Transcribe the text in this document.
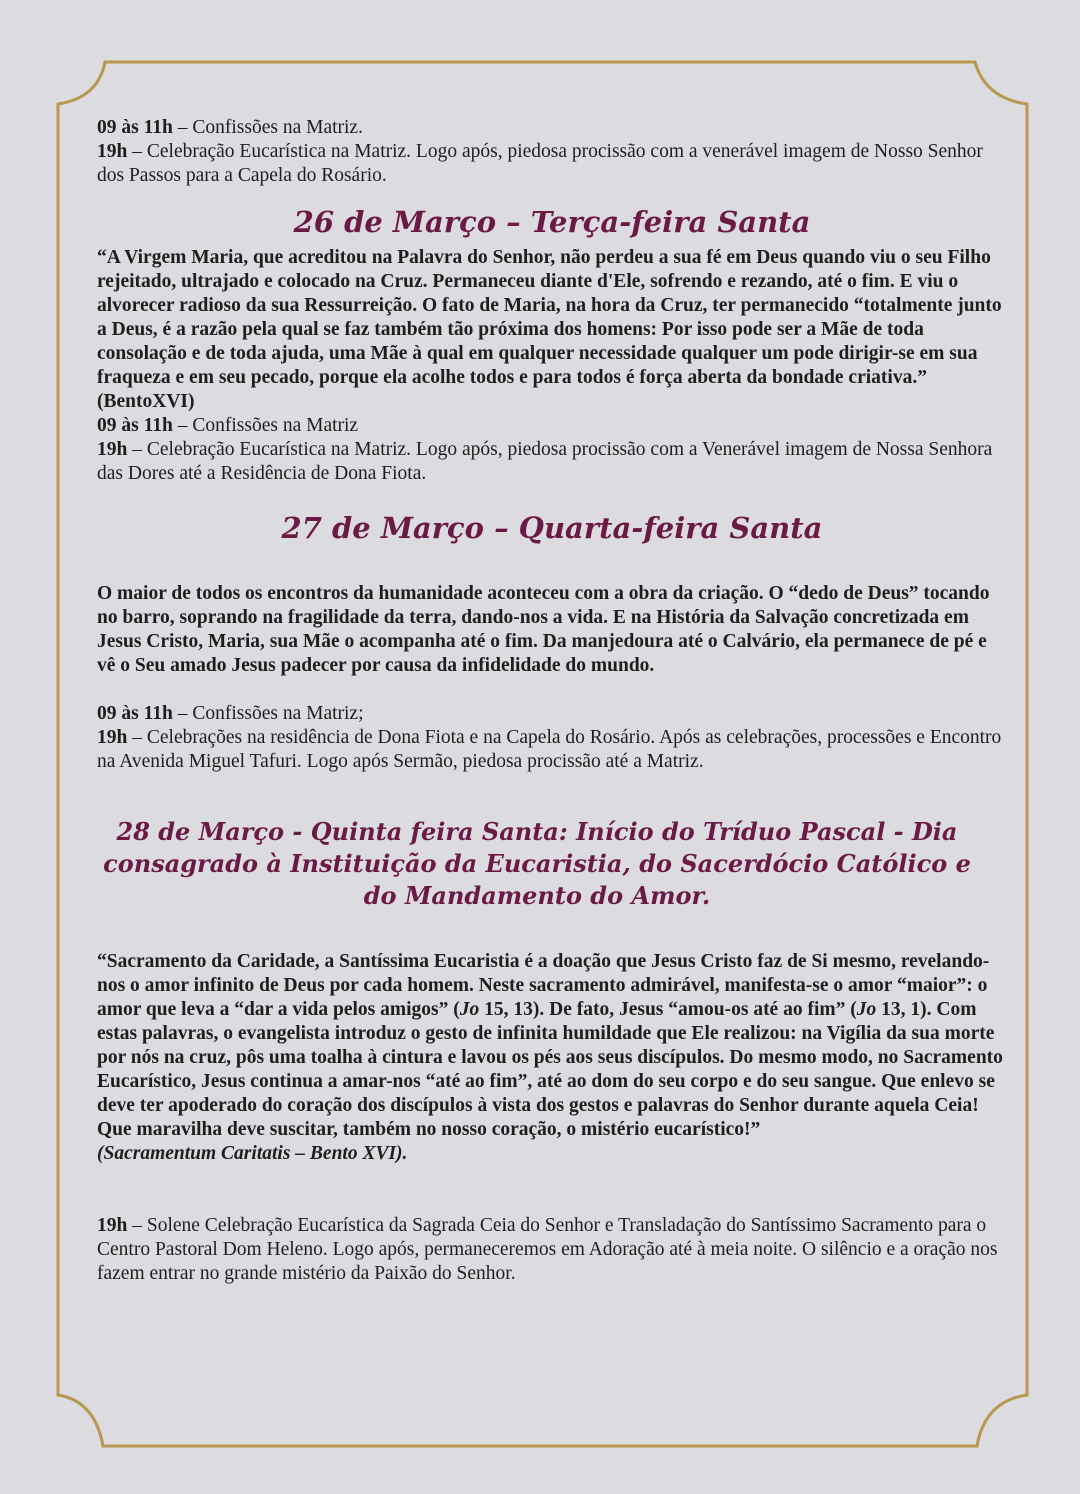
09 às 11h – Confissões na Matriz.

19h – Celebração Eucarística na Matriz. Logo após, piedosa procissão com a venerável imagem de Nosso Senhor dos Passos para a Capela do Rosário.

26 de Março – Terça-feira Santa

“A Virgem Maria, que acreditou na Palavra do Senhor, não perdeu a sua fé em Deus quando viu o seu Filho rejeitado, ultrajado e colocado na Cruz. Permaneceu diante d'Ele, sofrendo e rezando, até o fim. E viu o alvorecer radioso da sua Ressurreição. O fato de Maria, na hora da Cruz, ter permanecido “totalmente junto a Deus, é a razão pela qual se faz também tão próxima dos homens: Por isso pode ser a Mãe de toda consolação e de toda ajuda, uma Mãe à qual em qualquer necessidade qualquer um pode dirigir-se em sua fraqueza e em seu pecado, porque ela acolhe todos e para todos é força aberta da bondade criativa.” (BentoXVI)

09 às 11h – Confissões na Matriz

19h – Celebração Eucarística na Matriz. Logo após, piedosa procissão com a Venerável imagem de Nossa Senhora das Dores até a Residência de Dona Fiota.

27 de Março – Quarta-feira Santa

O maior de todos os encontros da humanidade aconteceu com a obra da criação. O “dedo de Deus” tocando no barro, soprando na fragilidade da terra, dando-nos a vida. E na História da Salvação concretizada em Jesus Cristo, Maria, sua Mãe o acompanha até o fim. Da manjedoura até o Calvário, ela permanece de pé e vê o Seu amado Jesus padecer por causa da infidelidade do mundo.

09 às 11h – Confissões na Matriz;

19h – Celebrações na residência de Dona Fiota e na Capela do Rosário. Após as celebrações, processões e Encontro na Avenida Miguel Tafuri. Logo após Sermão, piedosa procissão até a Matriz.

28 de Março - Quinta feira Santa: Início do Tríduo Pascal - Dia consagrado à Instituição da Eucaristia, do Sacerdócio Católico e do Mandamento do Amor.

“Sacramento da Caridade, a Santíssima Eucaristia é a doação que Jesus Cristo faz de Si mesmo, revelando-nos o amor infinito de Deus por cada homem. Neste sacramento admirável, manifesta-se o amor “maior”: o amor que leva a “dar a vida pelos amigos” (Jo 15, 13). De fato, Jesus “amou-os até ao fim” (Jo 13, 1). Com estas palavras, o evangelista introduz o gesto de infinita humildade que Ele realizou: na Vigília da sua morte por nós na cruz, pôs uma toalha à cintura e lavou os pés aos seus discípulos. Do mesmo modo, no Sacramento Eucarístico, Jesus continua a amar-nos “até ao fim”, até ao dom do seu corpo e do seu sangue. Que enlevo se deve ter apoderado do coração dos discípulos à vista dos gestos e palavras do Senhor durante aquela Ceia! Que maravilha deve suscitar, também no nosso coração, o mistério eucarístico!”
(Sacramentum Caritatis – Bento XVI).

19h – Solene Celebração Eucarística da Sagrada Ceia do Senhor e Transladação do Santíssimo Sacramento para o Centro Pastoral Dom Heleno. Logo após, permaneceremos em Adoração até à meia noite. O silêncio e a oração nos fazem entrar no grande mistério da Paixão do Senhor.
